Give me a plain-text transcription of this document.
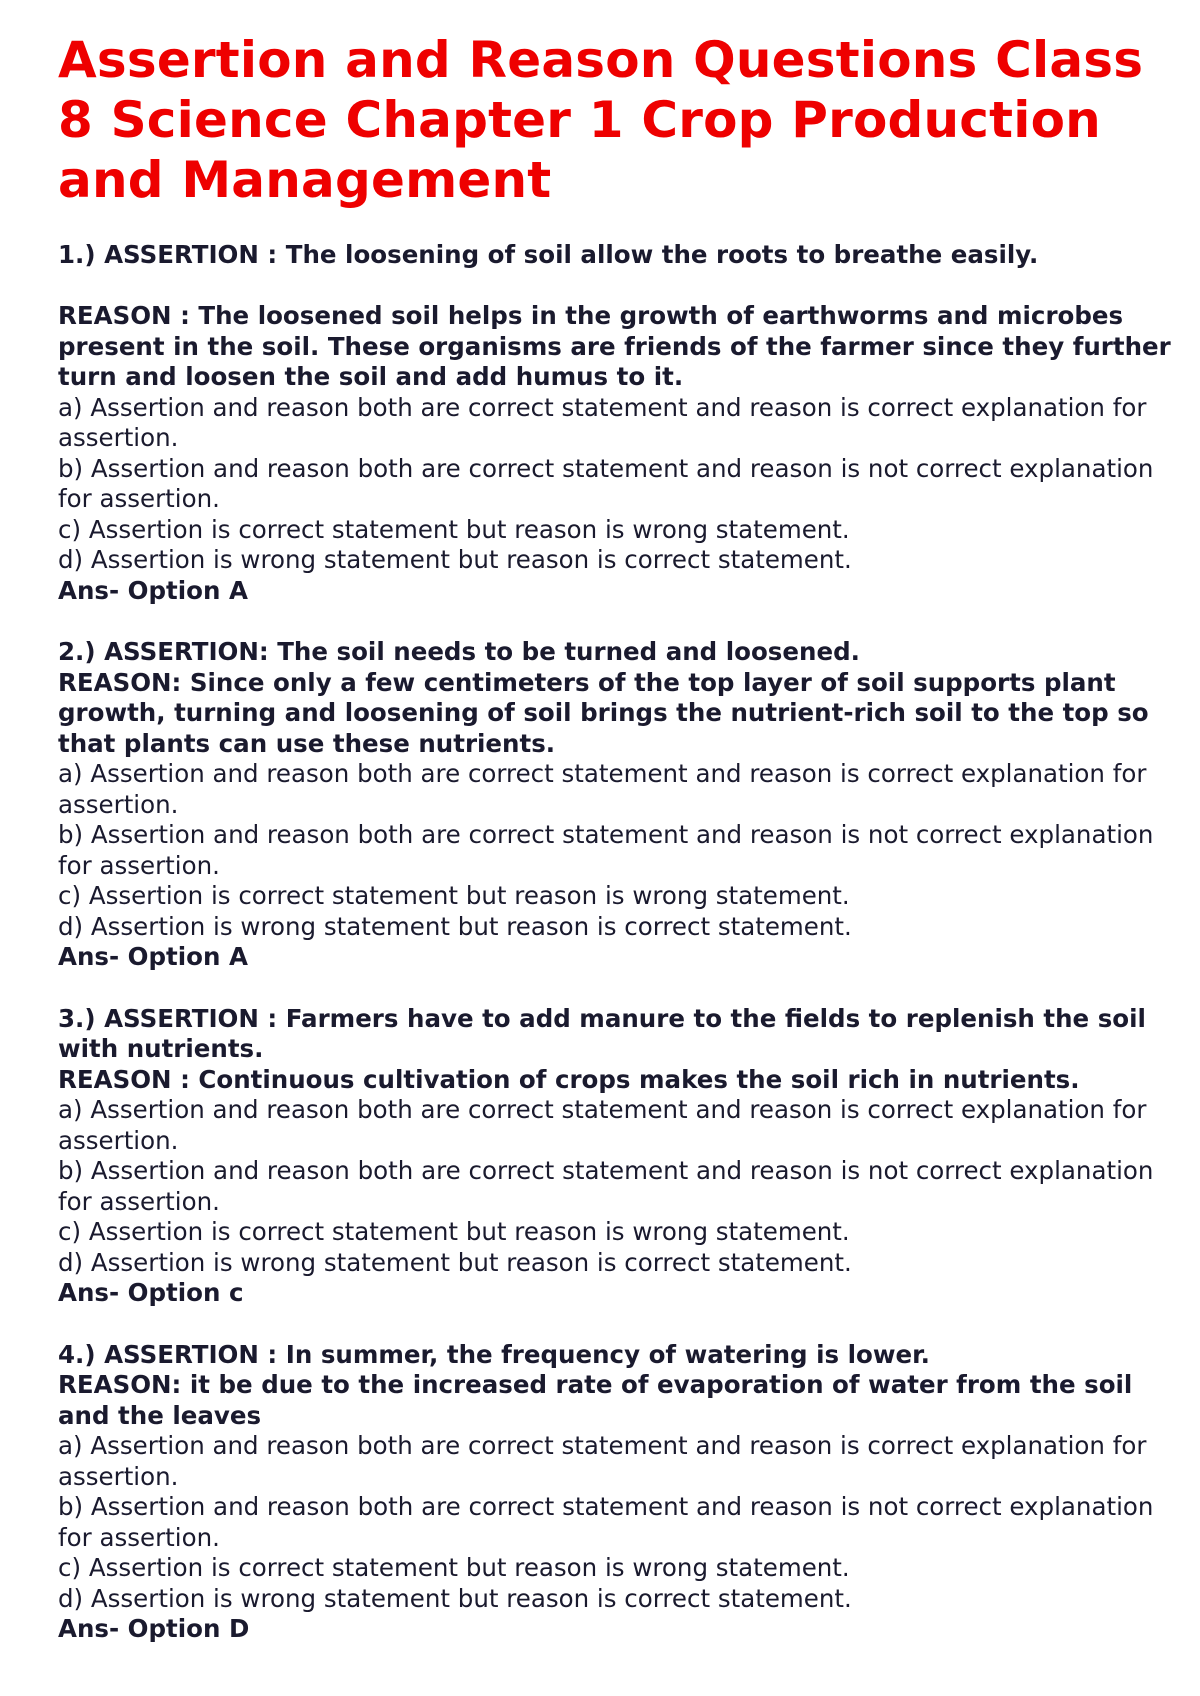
Assertion and Reason Questions Class 8 Science Chapter 1 Crop Production and Management

1.) ASSERTION : The loosening of soil allow the roots to breathe easily.

REASON : The loosened soil helps in the growth of earthworms and microbes present in the soil. These organisms are friends of the farmer since they further turn and loosen the soil and add humus to it.

a) Assertion and reason both are correct statement and reason is correct explanation for assertion.

b) Assertion and reason both are correct statement and reason is not correct explanation for assertion.

c) Assertion is correct statement but reason is wrong statement.

d) Assertion is wrong statement but reason is correct statement.

Ans- Option A

2.) ASSERTION: The soil needs to be turned and loosened.

REASON: Since only a few centimeters of the top layer of soil supports plant growth, turning and loosening of soil brings the nutrient-rich soil to the top so that plants can use these nutrients.

a) Assertion and reason both are correct statement and reason is correct explanation for assertion.

b) Assertion and reason both are correct statement and reason is not correct explanation for assertion.

c) Assertion is correct statement but reason is wrong statement.

d) Assertion is wrong statement but reason is correct statement.

Ans- Option A

3.) ASSERTION : Farmers have to add manure to the fields to replenish the soil with nutrients.

REASON : Continuous cultivation of crops makes the soil rich in nutrients.

a) Assertion and reason both are correct statement and reason is correct explanation for assertion.

b) Assertion and reason both are correct statement and reason is not correct explanation for assertion.

c) Assertion is correct statement but reason is wrong statement.

d) Assertion is wrong statement but reason is correct statement.

Ans- Option c

4.) ASSERTION : In summer, the frequency of watering is lower.

REASON: it be due to the increased rate of evaporation of water from the soil and the leaves

a) Assertion and reason both are correct statement and reason is correct explanation for assertion.

b) Assertion and reason both are correct statement and reason is not correct explanation for assertion.

c) Assertion is correct statement but reason is wrong statement.

d) Assertion is wrong statement but reason is correct statement.

Ans- Option D
